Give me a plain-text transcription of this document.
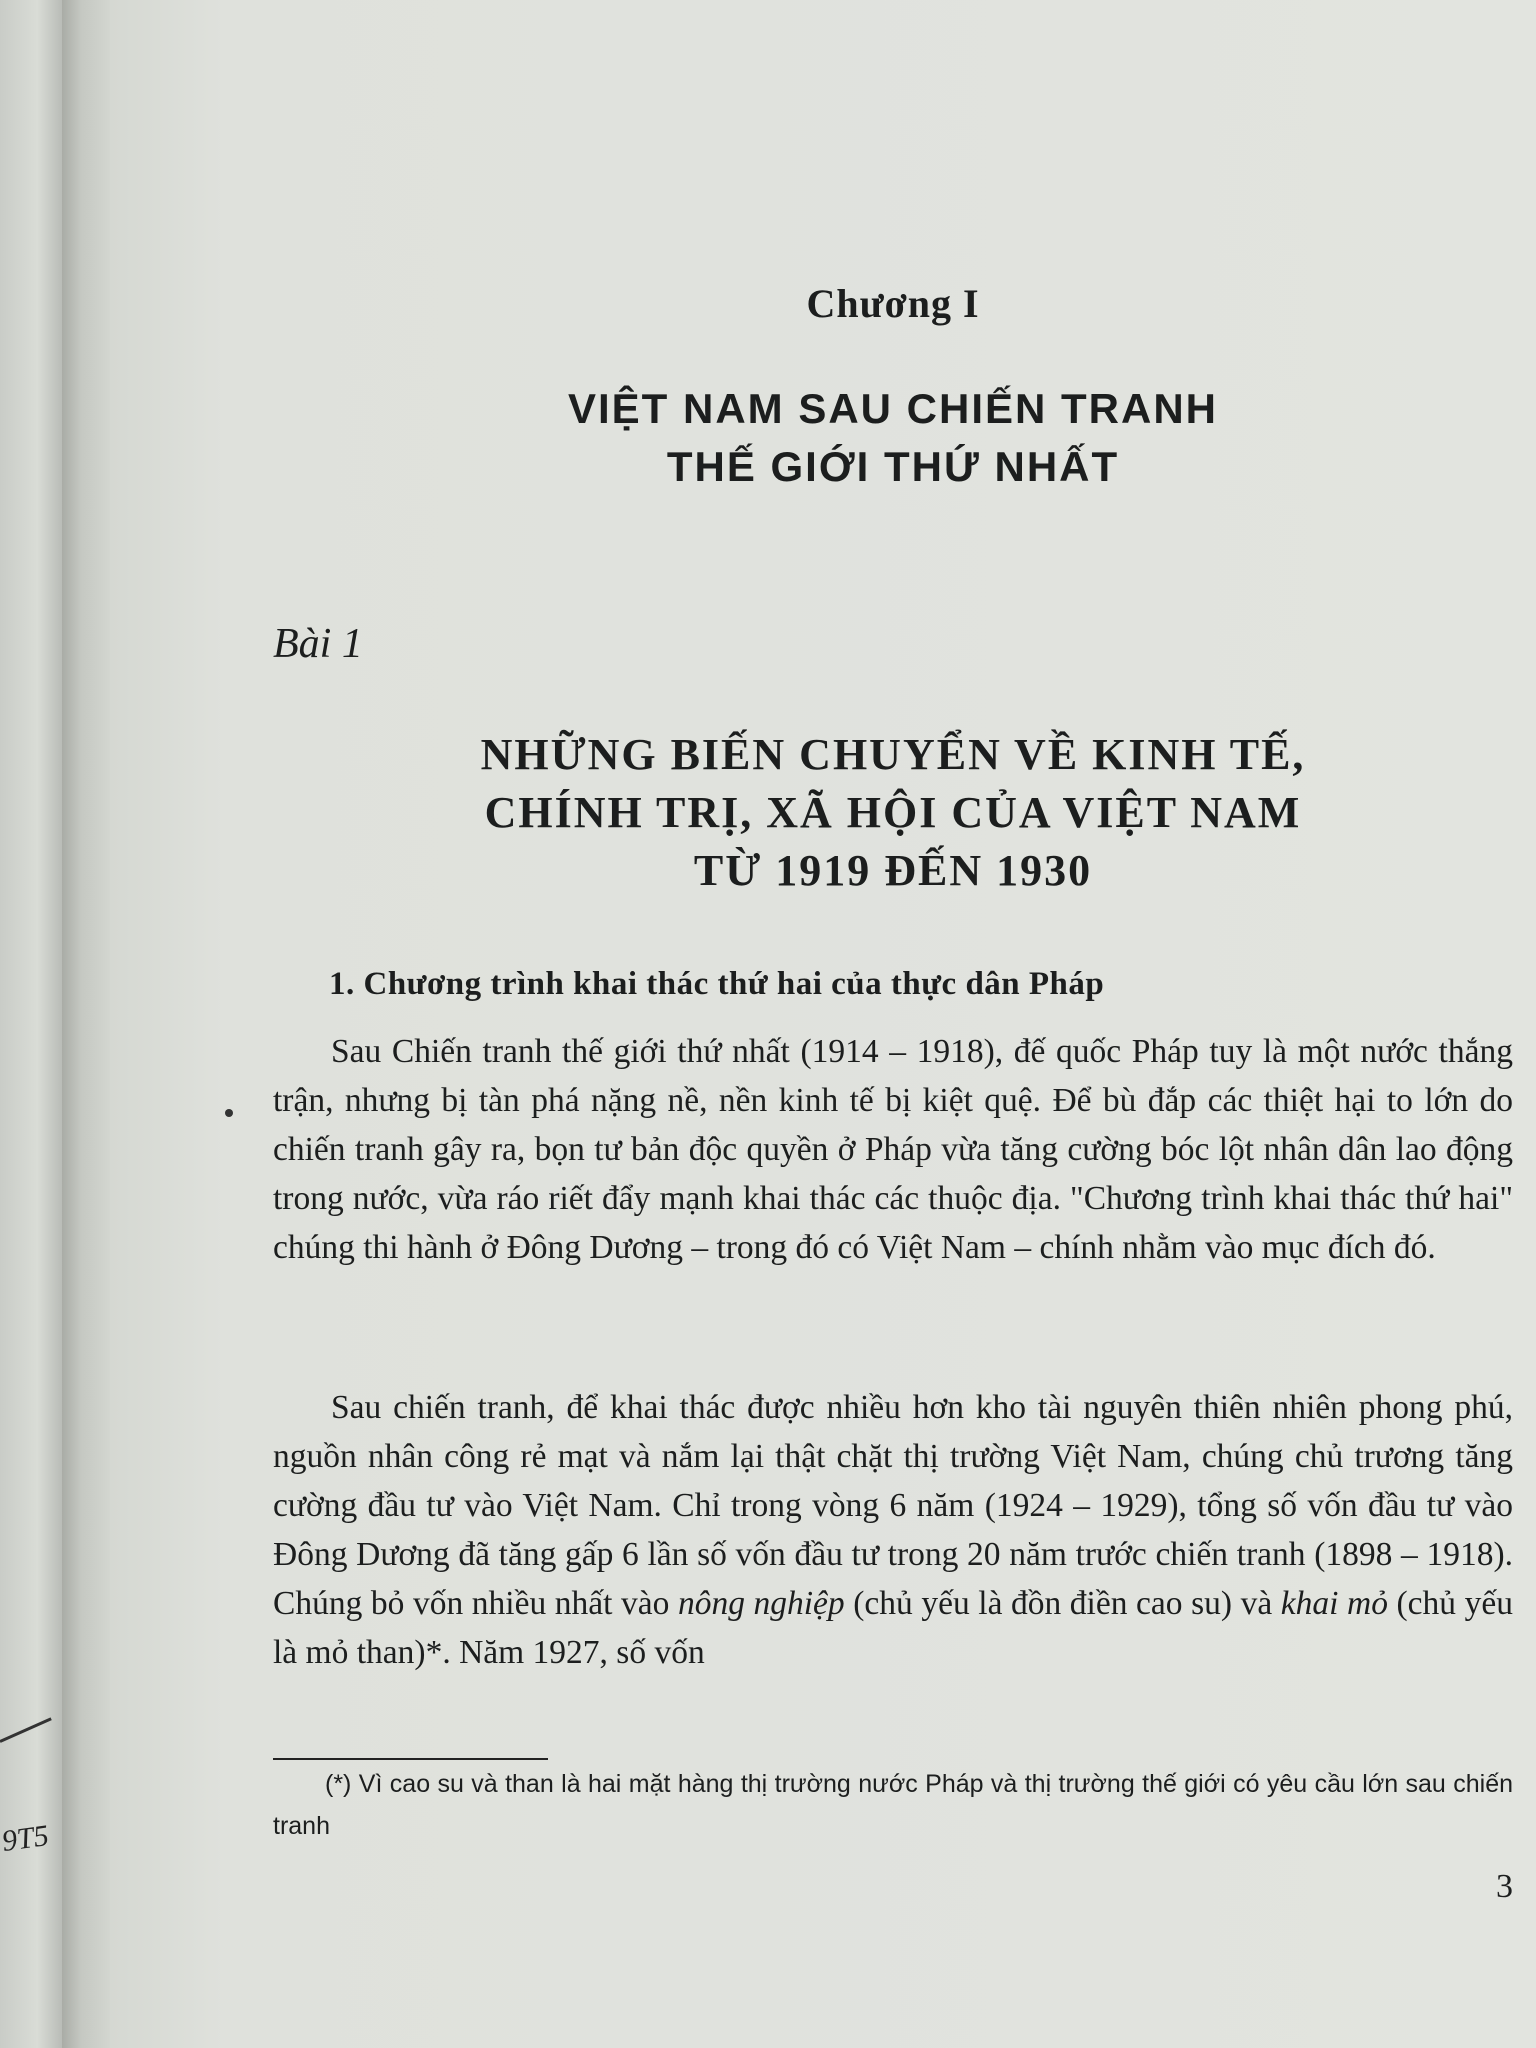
9T5
Chương I
VIỆT NAM SAU CHIẾN TRANH
THẾ GIỚI THỨ NHẤT
Bài 1
NHỮNG BIẾN CHUYỂN VỀ KINH TẾ,
CHÍNH TRỊ, XÃ HỘI CỦA VIỆT NAM
TỪ 1919 ĐẾN 1930
1. Chương trình khai thác thứ hai của thực dân Pháp

Sau Chiến tranh thế giới thứ nhất (1914 – 1918), đế quốc Pháp tuy là một nước thắng trận, nhưng bị tàn phá nặng nề, nền kinh tế bị kiệt quệ. Để bù đắp các thiệt hại to lớn do chiến tranh gây ra, bọn tư bản độc quyền ở Pháp vừa tăng cường bóc lột nhân dân lao động trong nước, vừa ráo riết đẩy mạnh khai thác các thuộc địa. "Chương trình khai thác thứ hai" chúng thi hành ở Đông Dương – trong đó có Việt Nam – chính nhằm vào mục đích đó.

Sau chiến tranh, để khai thác được nhiều hơn kho tài nguyên thiên nhiên phong phú, nguồn nhân công rẻ mạt và nắm lại thật chặt thị trường Việt Nam, chúng chủ trương tăng cường đầu tư vào Việt Nam. Chỉ trong vòng 6 năm (1924 – 1929), tổng số vốn đầu tư vào Đông Dương đã tăng gấp 6 lần số vốn đầu tư trong 20 năm trước chiến tranh (1898 – 1918). Chúng bỏ vốn nhiều nhất vào nông nghiệp (chủ yếu là đồn điền cao su) và khai mỏ (chủ yếu là mỏ than)*. Năm 1927, số vốn

(*) Vì cao su và than là hai mặt hàng thị trường nước Pháp và thị trường thế giới có yêu cầu lớn sau chiến tranh

3
